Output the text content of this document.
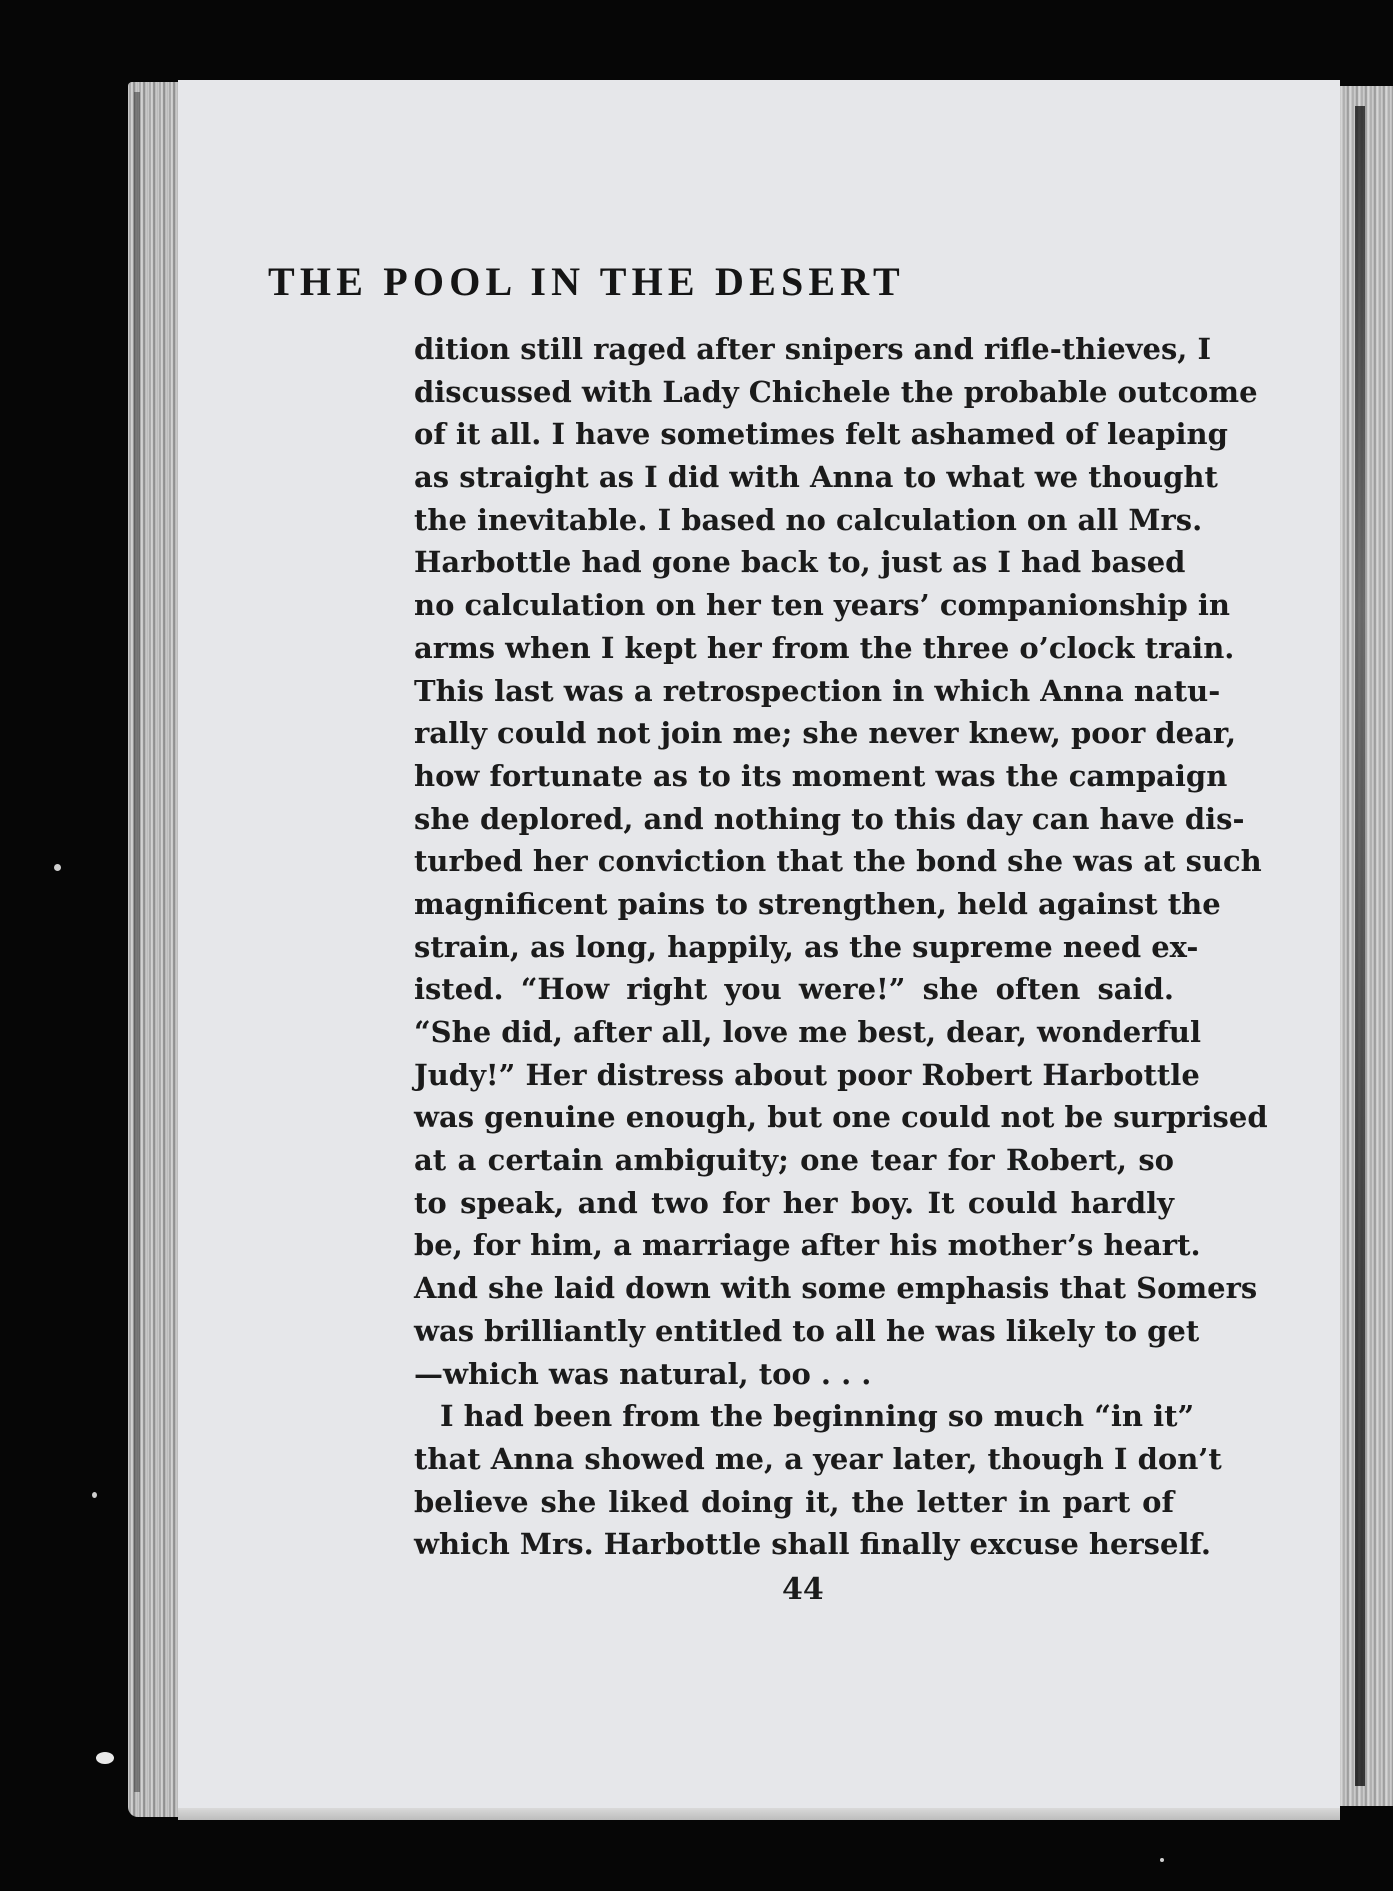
THE POOL IN THE DESERT
dition still raged after snipers and rifle-thieves, I
discussed with Lady Chichele the probable outcome
of it all. I have sometimes felt ashamed of leaping
as straight as I did with Anna to what we thought
the inevitable. I based no calculation on all Mrs.
Harbottle had gone back to, just as I had based
no calculation on her ten years’ companionship in
arms when I kept her from the three o’clock train.
This last was a retrospection in which Anna natu-
rally could not join me; she never knew, poor dear,
how fortunate as to its moment was the campaign
she deplored, and nothing to this day can have dis-
turbed her conviction that the bond she was at such
magnificent pains to strengthen, held against the
strain, as long, happily, as the supreme need ex-
isted. “How right you were!” she often said.
“She did, after all, love me best, dear, wonderful
Judy!” Her distress about poor Robert Harbottle
was genuine enough, but one could not be surprised
at a certain ambiguity; one tear for Robert, so
to speak, and two for her boy. It could hardly
be, for him, a marriage after his mother’s heart.
And she laid down with some emphasis that Somers
was brilliantly entitled to all he was likely to get
—which was natural, too . . .
I had been from the beginning so much “in it”
that Anna showed me, a year later, though I don’t
believe she liked doing it, the letter in part of
which Mrs. Harbottle shall finally excuse herself.

44
